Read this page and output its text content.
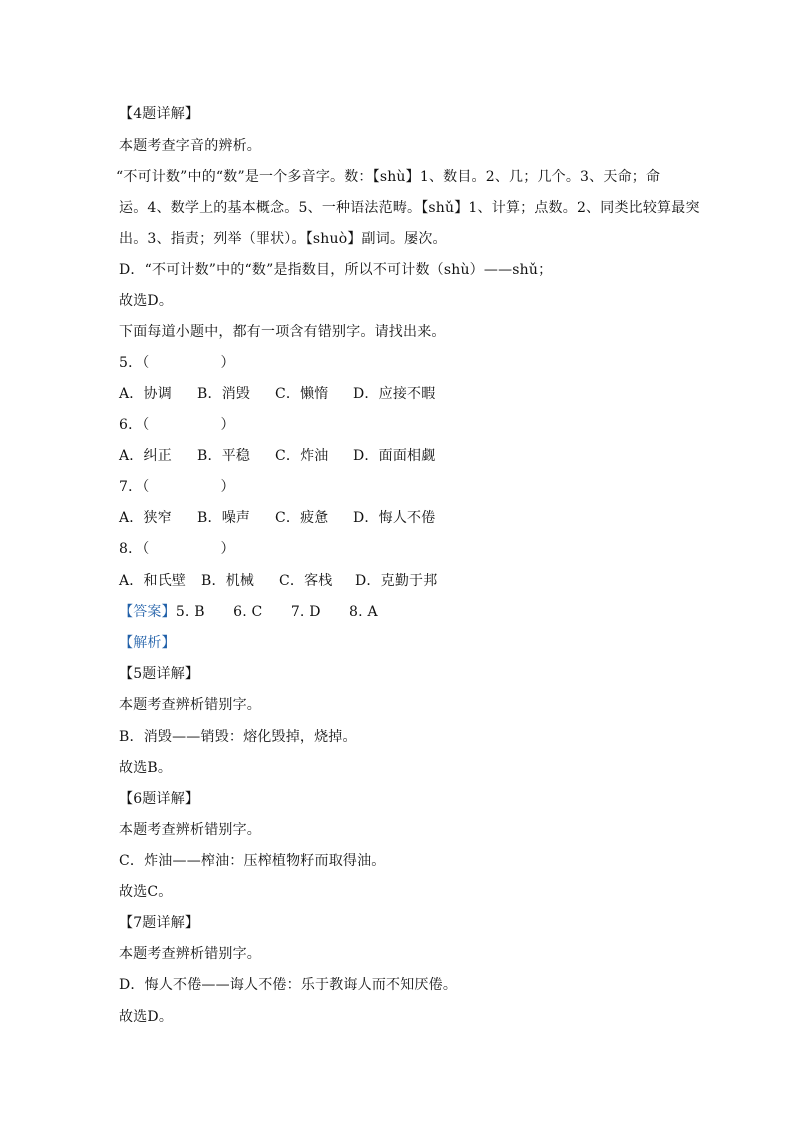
【4题详解】
本题考查字音的辨析。
“不可计数”中的“数”是一个多音字。数：【shù】1、数目。2、几；几个。3、天命；命
运。4、数学上的基本概念。5、一种语法范畴。【shǔ】1、计算；点数。2、同类比较算最突
出。3、指责；列举（罪状）。【shuò】副词。屡次。
D．“不可计数”中的“数”是指数目，所以不可计数（shù）——shǔ；
故选D。
下面每道小题中，都有一项含有错别字。请找出来。
5．（　　　　　）
A．协调 B．消毁 C．懒惰 D．应接不暇
6．（　　　　　）
A．纠正 B．平稳 C．炸油 D．面面相觑
7．（　　　　　）
A．狭窄 B．噪声 C．疲惫 D．悔人不倦
8．（　　　　　）
A．和氏壁 B．机械 C．客栈 D．克勤于邦
【答案】5. B　　6. C　　7. D　　8. A
【解析】
【5题详解】
本题考查辨析错别字。
B．消毁——销毁：熔化毁掉，烧掉。
故选B。
【6题详解】
本题考查辨析错别字。
C．炸油——榨油：压榨植物籽而取得油。
故选C。
【7题详解】
本题考查辨析错别字。
D．悔人不倦——诲人不倦：乐于教诲人而不知厌倦。
故选D。
